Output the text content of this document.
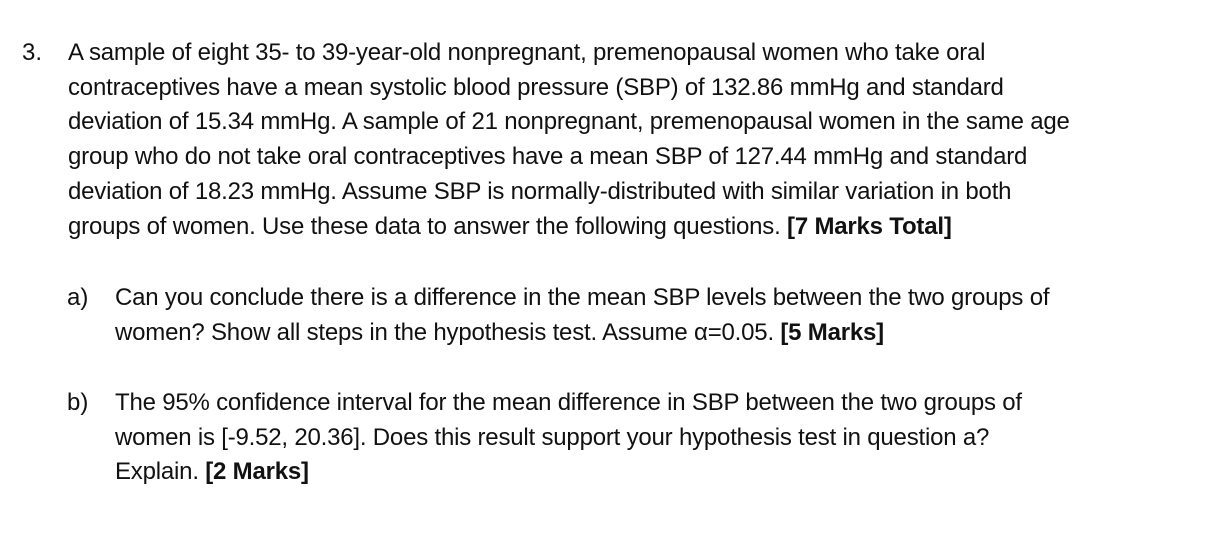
3.	A sample of eight 35- to 39-year-old nonpregnant, premenopausal women who take oral
contraceptives have a mean systolic blood pressure (SBP) of 132.86 mmHg and standard
deviation of 15.34 mmHg. A sample of 21 nonpregnant, premenopausal women in the same age
group who do not take oral contraceptives have a mean SBP of 127.44 mmHg and standard
deviation of 18.23 mmHg. Assume SBP is normally-distributed with similar variation in both
groups of women. Use these data to answer the following questions. [7 Marks Total]
a)	Can you conclude there is a difference in the mean SBP levels between the two groups of
women? Show all steps in the hypothesis test. Assume α=0.05. [5 Marks]
b)	The 95% confidence interval for the mean difference in SBP between the two groups of
women is [-9.52, 20.36]. Does this result support your hypothesis test in question a?
Explain. [2 Marks]
